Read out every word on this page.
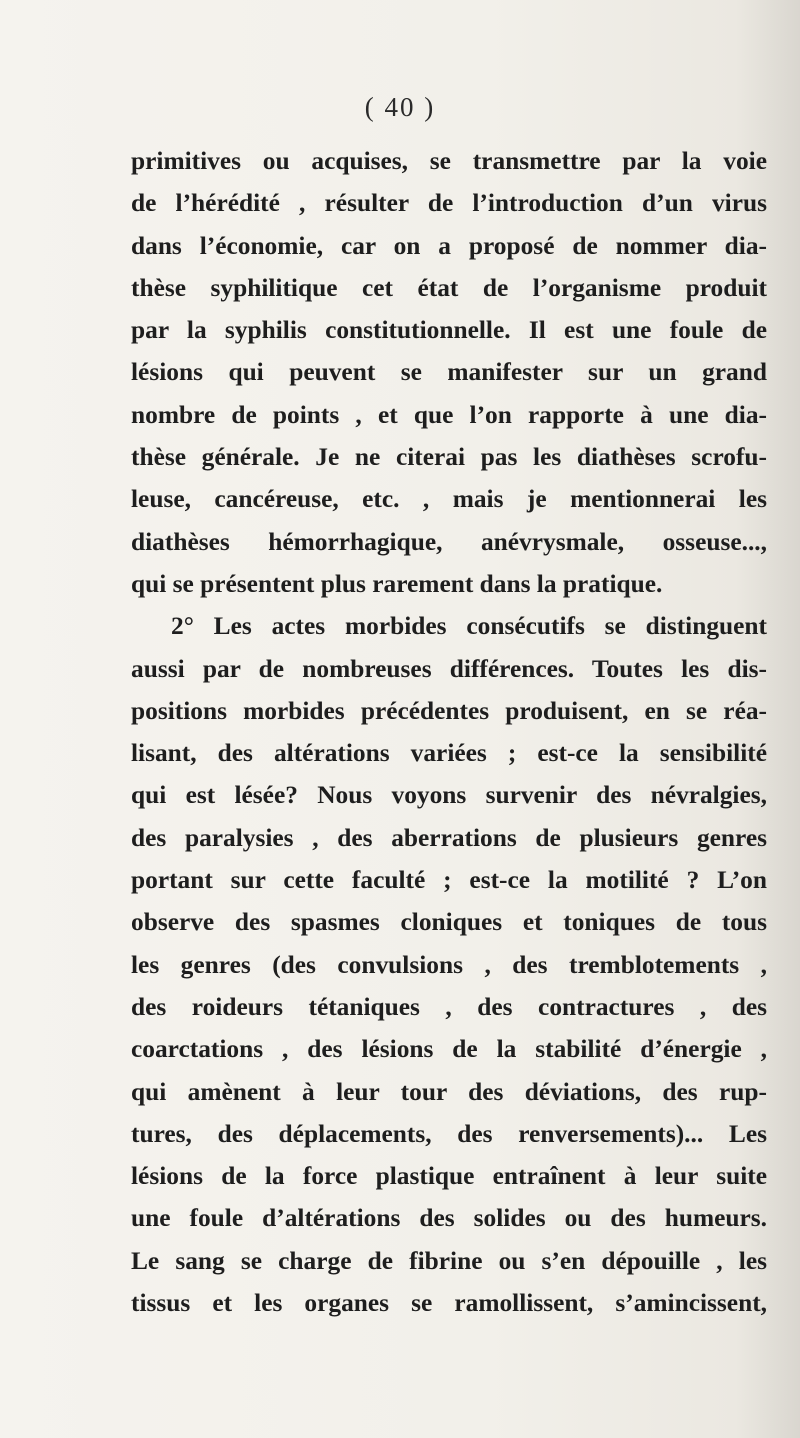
( 40 )
primitives ou acquises, se transmettre par la voie
de l’hérédité , résulter de l’introduction d’un virus
dans l’économie, car on a proposé de nommer dia-
thèse syphilitique cet état de l’organisme produit
par la syphilis constitutionnelle. Il est une foule de
lésions qui peuvent se manifester sur un grand
nombre de points , et que l’on rapporte à une dia-
thèse générale. Je ne citerai pas les diathèses scrofu-
leuse, cancéreuse, etc. , mais je mentionnerai les
diathèses hémorrhagique, anévrysmale, osseuse...,
qui se présentent plus rarement dans la pratique.
2° Les actes morbides consécutifs se distinguent
aussi par de nombreuses différences. Toutes les dis-
positions morbides précédentes produisent, en se réa-
lisant, des altérations variées ; est-ce la sensibilité
qui est lésée? Nous voyons survenir des névralgies,
des paralysies , des aberrations de plusieurs genres
portant sur cette faculté ; est-ce la motilité ? L’on
observe des spasmes cloniques et toniques de tous
les genres (des convulsions , des tremblotements ,
des roideurs tétaniques , des contractures , des
coarctations , des lésions de la stabilité d’énergie ,
qui amènent à leur tour des déviations, des rup-
tures, des déplacements, des renversements)... Les
lésions de la force plastique entraînent à leur suite
une foule d’altérations des solides ou des humeurs.
Le sang se charge de fibrine ou s’en dépouille , les
tissus et les organes se ramollissent, s’amincissent,
